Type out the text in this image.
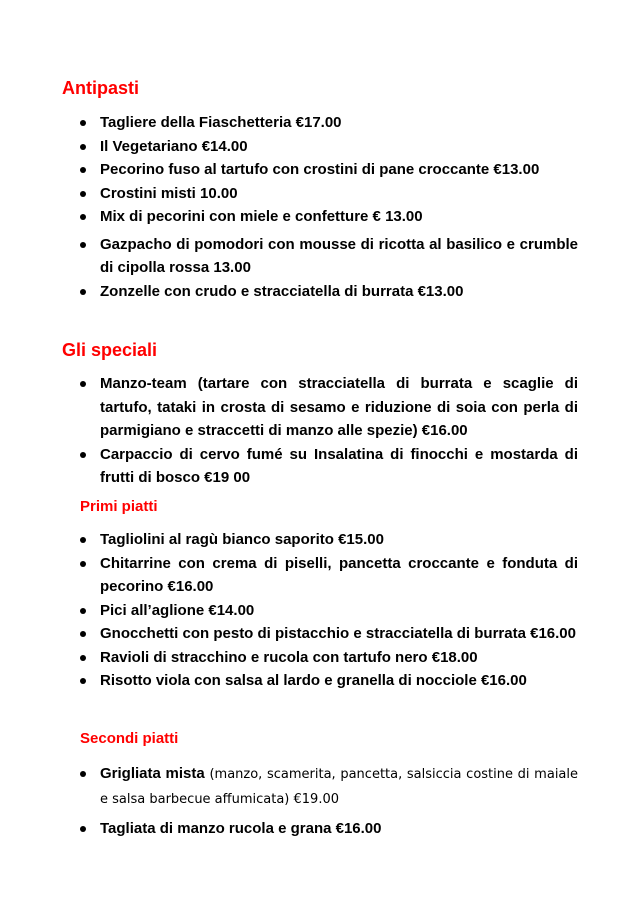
Antipasti
Tagliere della Fiaschetteria €17.00
Il Vegetariano €14.00
Pecorino fuso al tartufo con crostini di pane croccante €13.00
Crostini misti 10.00
Mix di pecorini con miele e confetture € 13.00
Gazpacho di pomodori con mousse di ricotta al basilico e crumble di cipolla rossa 13.00
Zonzelle con crudo e stracciatella di burrata €13.00
Gli speciali
Manzo-team (tartare con stracciatella di burrata e scaglie di tartufo, tataki in crosta di sesamo e riduzione di soia con perla di parmigiano e straccetti di manzo alle spezie) €16.00
Carpaccio di cervo fumé su Insalatina di finocchi e mostarda di frutti di bosco €19 00
Primi piatti
Tagliolini al ragù bianco saporito €15.00
Chitarrine con crema di piselli, pancetta croccante e fonduta di pecorino €16.00
Pici all’aglione €14.00
Gnocchetti con pesto di pistacchio e stracciatella di burrata €16.00
Ravioli di stracchino e rucola con tartufo nero €18.00
Risotto viola con salsa al lardo e granella di nocciole €16.00
Secondi piatti
Grigliata mista (manzo, scamerita, pancetta, salsiccia costine di maiale e salsa barbecue affumicata) €19.00
Tagliata di manzo rucola e grana €16.00
